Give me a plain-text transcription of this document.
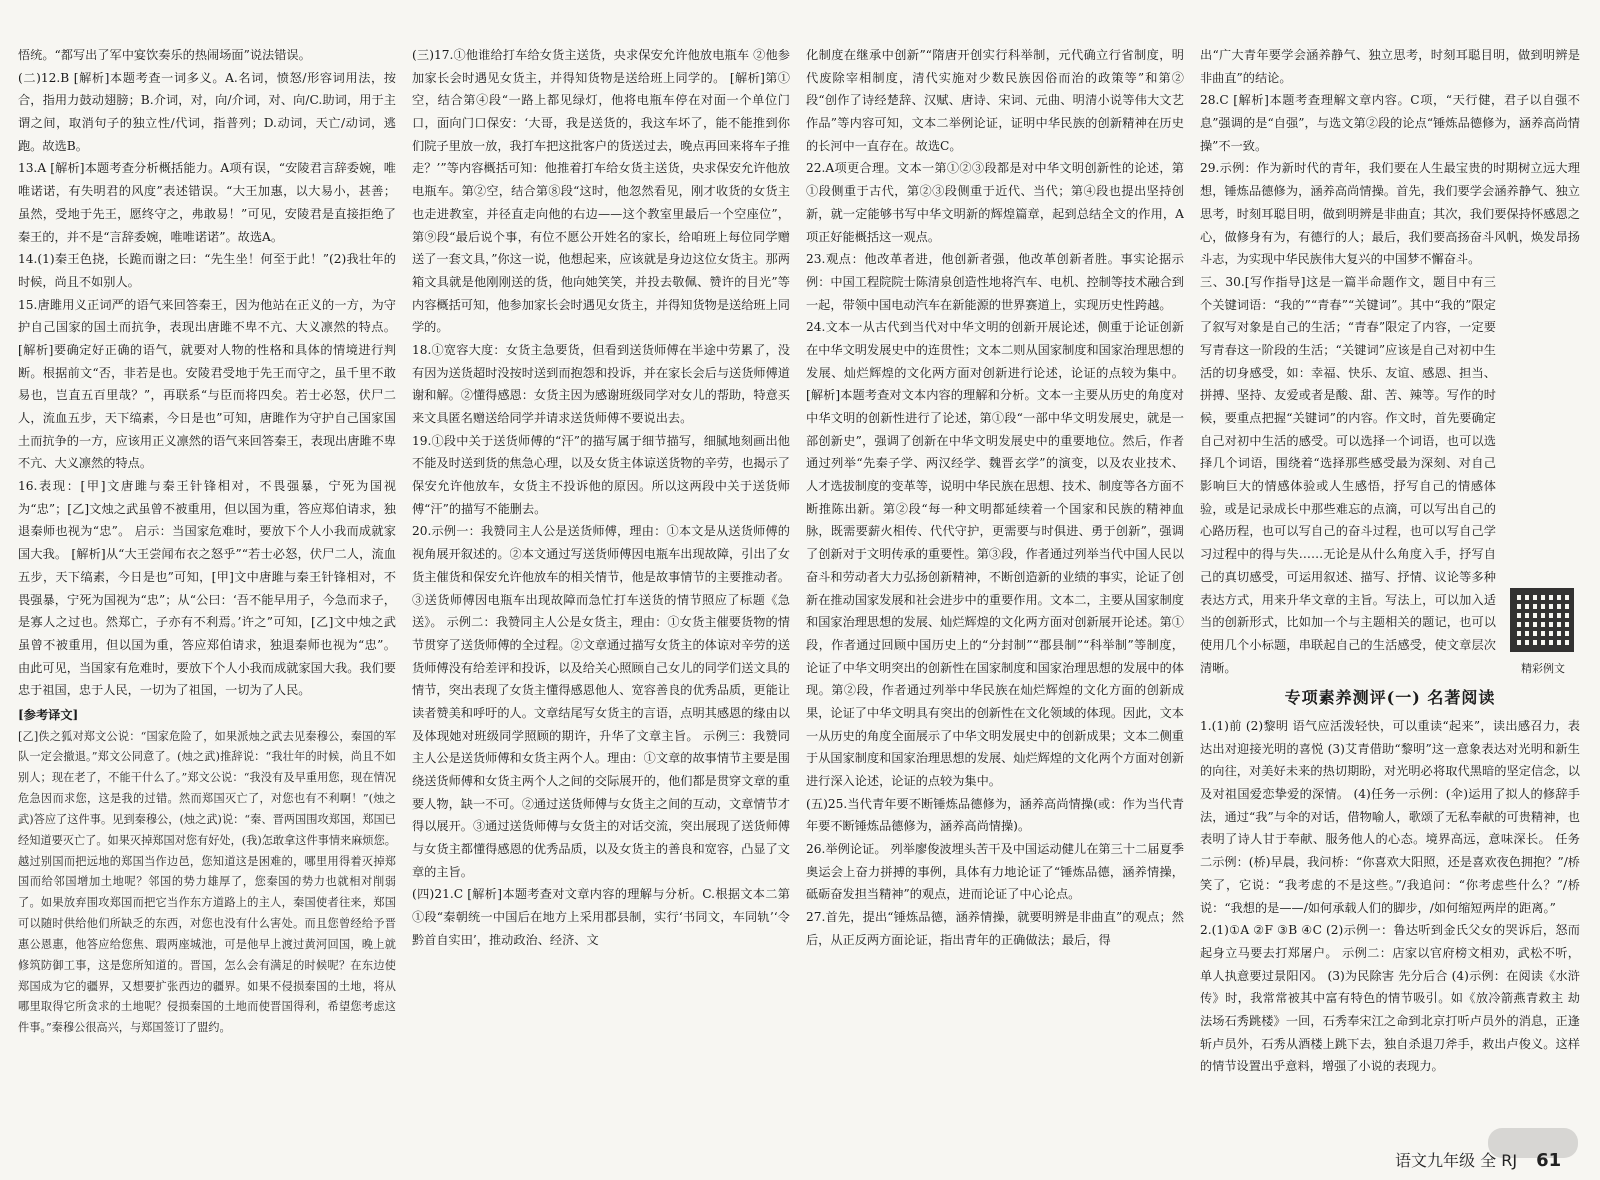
悟统。“都写出了军中宴饮奏乐的热闹场面”说法错误。

(二)12.B [解析]本题考查一词多义。A.名词，愤怒/形容词用法，按合，指用力鼓动翅膀；B.介词，对，向/介词，对、向/C.助词，用于主谓之间，取消句子的独立性/代词，指普列；D.动词，天亡/动词，逃跑。故选B。

13.A [解析]本题考查分析概括能力。A项有误，“安陵君言辞委婉，唯唯诺诺，有失明君的风度”表述错误。“大王加惠，以大易小，甚善；虽然，受地于先王，愿终守之，弗敢易！”可见，安陵君是直接拒绝了秦王的，并不是“言辞委婉，唯唯诺诺”。故选A。

14.(1)秦王色挠，长跪而谢之曰：“先生坐！何至于此！”(2)我壮年的时候，尚且不如别人。

15.唐雎用义正词严的语气来回答秦王，因为他站在正义的一方，为守护自己国家的国土而抗争，表现出唐雎不卑不亢、大义凛然的特点。 [解析]要确定好正确的语气，就要对人物的性格和具体的情境进行判断。根据前文“否，非若是也。安陵君受地于先王而守之，虽千里不敢易也，岂直五百里哉？”，再联系“与臣而将四矣。若士必怒，伏尸二人，流血五步，天下缟素，今日是也”可知，唐雎作为守护自己国家国土而抗争的一方，应该用正义凛然的语气来回答秦王，表现出唐雎不卑不亢、大义凛然的特点。

16.表现：[甲]文唐雎与秦王针锋相对，不畏强暴，宁死为国视为“忠”；[乙]文烛之武虽曾不被重用，但以国为重，答应郑伯请求，独退秦师也视为“忠”。 启示：当国家危难时，要放下个人小我而成就家国大我。 [解析]从“大王尝闻布衣之怒乎”“若士必怒，伏尸二人，流血五步，天下缟素，今日是也”可知，[甲]文中唐雎与秦王针锋相对，不畏强暴，宁死为国视为“忠”；从“公曰：‘吾不能早用子，今急而求子，是寡人之过也。然郑亡，子亦有不利焉。’许之”可知，[乙]文中烛之武虽曾不被重用，但以国为重，答应郑伯请求，独退秦师也视为“忠”。由此可见，当国家有危难时，要放下个人小我而成就家国大我。我们要忠于祖国，忠于人民，一切为了祖国，一切为了人民。

[参考译文]

[乙]佚之狐对郑文公说：“国家危险了，如果派烛之武去见秦穆公，秦国的军队一定会撤退。”郑文公同意了。(烛之武)推辞说：“我壮年的时候，尚且不如别人；现在老了，不能干什么了。”郑文公说：“我没有及早重用您，现在情况危急因而求您，这是我的过错。然而郑国灭亡了，对您也有不利啊！”(烛之武)答应了这件事。见到秦穆公，(烛之武)说：“秦、晋两国围攻郑国，郑国已经知道要灭亡了。如果灭掉郑国对您有好处，(我)怎敢拿这件事情来麻烦您。越过别国而把远地的郑国当作边邑，您知道这是困难的，哪里用得着灭掉郑国而给邻国增加土地呢？邻国的势力雄厚了，您秦国的势力也就相对削弱了。如果放弃围攻郑国而把它当作东方道路上的主人，秦国使者往来，郑国可以随时供给他们所缺乏的东西，对您也没有什么害处。而且您曾经给予晋惠公恩惠，他答应给您焦、瑕两座城池，可是他早上渡过黄河回国，晚上就修筑防御工事，这是您所知道的。晋国，怎么会有满足的时候呢？在东边使郑国成为它的疆界，又想要扩张西边的疆界。如果不侵损秦国的土地，将从哪里取得它所贪求的土地呢？侵损秦国的土地而使晋国得利，希望您考虑这件事。”秦穆公很高兴，与郑国签订了盟约。

(三)17.①他谁给打车给女货主送货，央求保安允许他放电瓶车 ②他参加家长会时遇见女货主，并得知货物是送给班上同学的。 [解析]第①空，结合第④段“一路上都见绿灯，他将电瓶车停在对面一个单位门口，面向门口保安：‘大哥，我是送货的，我这车坏了，能不能推到你们院子里放一放，我打车把这批客户的货送过去，晚点再回来将车子推走？’”等内容概括可知：他推着打车给女货主送货，央求保安允许他放电瓶车。第②空，结合第⑧段“这时，他忽然看见，刚才收货的女货主也走进教室，并径直走向他的右边——这个教室里最后一个空座位”，第⑨段“最后说个事，有位不愿公开姓名的家长，给咱班上每位同学赠送了一套文具，”你这一说，他想起来，应该就是身边这位女货主。那两箱文具就是他刚刚送的货，他向她笑笑，并投去敬佩、赞许的目光”等内容概括可知，他参加家长会时遇见女货主，并得知货物是送给班上同学的。

18.①宽容大度：女货主急要货，但看到送货师傅在半途中劳累了，没有因为送货超时没按时送到而抱怨和投诉，并在家长会后与送货师傅道谢和解。②懂得感恩：女货主因为感谢班级同学对女儿的帮助，特意买来文具匿名赠送给同学并请求送货师傅不要说出去。

19.①段中关于送货师傅的“汗”的描写属于细节描写，细腻地刻画出他不能及时送到货的焦急心理，以及女货主体谅送货物的辛劳，也揭示了保安允许他放车，女货主不投诉他的原因。所以这两段中关于送货师傅“汗”的描写不能删去。

20.示例一：我赞同主人公是送货师傅，理由：①本文是从送货师傅的视角展开叙述的。②本文通过写送货师傅因电瓶车出现故障，引出了女货主催货和保安允许他放车的相关情节，他是故事情节的主要推动者。③送货师傅因电瓶车出现故障而急忙打车送货的情节照应了标题《急送》。 示例二：我赞同主人公是女货主，理由：①女货主催要货物的情节贯穿了送货师傅的全过程。②文章通过描写女货主的体谅对辛劳的送货师傅没有给差评和投诉，以及给关心照顾自己女儿的同学们送文具的情节，突出表现了女货主懂得感恩他人、宽容善良的优秀品质，更能让读者赞美和呼吁的人。文章结尾写女货主的言语，点明其感恩的缘由以及体现她对班级同学照顾的期许，升华了文章主旨。 示例三：我赞同主人公是送货师傅和女货主两个人。理由：①文章的故事情节主要是围绕送货师傅和女货主两个人之间的交际展开的，他们都是贯穿文章的重要人物，缺一不可。②通过送货师傅与女货主之间的互动，文章情节才得以展开。③通过送货师傅与女货主的对话交流，突出展现了送货师傅与女货主都懂得感恩的优秀品质，以及女货主的善良和宽容，凸显了文章的主旨。

(四)21.C [解析]本题考查对文章内容的理解与分析。C.根据文本二第①段“秦朝统一中国后在地方上采用郡县制，实行‘书同文，车同轨’‘令黔首自实田’，推动政治、经济、文

化制度在继承中创新”“隋唐开创实行科举制，元代确立行省制度，明代废除宰相制度，清代实施对少数民族因俗而治的政策等”和第②段“创作了诗经楚辞、汉赋、唐诗、宋词、元曲、明清小说等伟大文艺作品”等内容可知，文本二举例论证，证明中华民族的创新精神在历史的长河中一直存在。故选C。

22.A项更合理。文本一第①②③段都是对中华文明创新性的论述，第①段侧重于古代，第②③段侧重于近代、当代；第④段也提出坚持创新，就一定能够书写中华文明新的辉煌篇章，起到总结全文的作用，A项正好能概括这一观点。

23.观点：他改革者进，他创新者强，他改革创新者胜。事实论据示例：中国工程院院士陈清泉创造性地将汽车、电机、控制等技术融合到一起，带领中国电动汽车在新能源的世界赛道上，实现历史性跨越。

24.文本一从古代到当代对中华文明的创新开展论述，侧重于论证创新在中华文明发展史中的连贯性；文本二则从国家制度和国家治理思想的发展、灿烂辉煌的文化两方面对创新进行论述，论证的点较为集中。 [解析]本题考查对文本内容的理解和分析。文本一主要从历史的角度对中华文明的创新性进行了论述，第①段“一部中华文明发展史，就是一部创新史”，强调了创新在中华文明发展史中的重要地位。然后，作者通过列举“先秦子学、两汉经学、魏晋玄学”的演变，以及农业技术、人才选拔制度的变革等，说明中华民族在思想、技术、制度等各方面不断推陈出新。第②段“每一种文明都延续着一个国家和民族的精神血脉，既需要薪火相传、代代守护，更需要与时俱进、勇于创新”，强调了创新对于文明传承的重要性。第③段，作者通过列举当代中国人民以奋斗和劳动者大力弘扬创新精神，不断创造新的业绩的事实，论证了创新在推动国家发展和社会进步中的重要作用。文本二，主要从国家制度和国家治理思想的发展、灿烂辉煌的文化两方面对创新展开论述。第①段，作者通过回顾中国历史上的“分封制”“郡县制”“科举制”等制度，论证了中华文明突出的创新性在国家制度和国家治理思想的发展中的体现。第②段，作者通过列举中华民族在灿烂辉煌的文化方面的创新成果，论证了中华文明具有突出的创新性在文化领域的体现。因此，文本一从历史的角度全面展示了中华文明发展史中的创新成果；文本二侧重于从国家制度和国家治理思想的发展、灿烂辉煌的文化两个方面对创新进行深入论述，论证的点较为集中。

(五)25.当代青年要不断锤炼品德修为，涵养高尚情操(或：作为当代青年要不断锤炼品德修为，涵养高尚情操)。

26.举例论证。 列举廖俊波埋头苦干及中国运动健儿在第三十二届夏季奥运会上奋力拼搏的事例，具体有力地论证了“锤炼品德，涵养情操，砥砺奋发担当精神”的观点，进而论证了中心论点。

27.首先，提出“锤炼品德，涵养情操，就要明辨是非曲直”的观点；然后，从正反两方面论证，指出青年的正确做法；最后，得

出“广大青年要学会涵养静气、独立思考，时刻耳聪目明，做到明辨是非曲直”的结论。

28.C [解析]本题考查理解文章内容。C项，“天行健，君子以自强不息”强调的是“自强”，与选文第②段的论点“锤炼品德修为，涵养高尚情操”不一致。

29.示例：作为新时代的青年，我们要在人生最宝贵的时期树立远大理想，锤炼品德修为，涵养高尚情操。首先，我们要学会涵养静气、独立思考，时刻耳聪目明，做到明辨是非曲直；其次，我们要保持怀感恩之心，做修身有为，有德行的人；最后，我们要高扬奋斗风帆，焕发昂扬斗志，为实现中华民族伟大复兴的中国梦不懈奋斗。

三、30.[写作指导]这是一篇半命题作文，题目中有三个关键词语：“我的”“青春”“关键词”。其中“我的”限定了叙写对象是自己的生活；“青春”限定了内容，一定要写青春这一阶段的生活；“关键词”应该是自己对初中生活的切身感受，如：幸福、快乐、友谊、感恩、担当、拼搏、坚持、友爱或者是酸、甜、苦、辣等。写作的时候，要重点把握“关键词”的内容。作文时，首先要确定自己对初中生活的感受。可以选择一个词语，也可以选择几个词语，围绕着“选择那些感受最为深刻、对自己影响巨大的情感体验或人生感悟，抒写自己的情感体验，或是记录成长中那些难忘的点滴，可以写出自己的心路历程，也可以写自己的奋斗过程，也可以写自己学习过程中的得与失……无论是从什么角度入手，抒写自己的真切感受，可运用叙述、描写、抒情、议论等多种表达方式，用来升华文章的主旨。写法上，可以加入适当的创新形式，比如加一个与主题相关的题记，也可以使用几个小标题，串联起自己的生活感受，使文章层次清晰。

专项素养测评(一) 名著阅读

1.(1)前 (2)黎明 语气应活泼轻快，可以重读“起来”，读出感召力，表达出对迎接光明的喜悦 (3)艾青借助“黎明”这一意象表达对光明和新生的向往，对美好未来的热切期盼，对光明必将取代黑暗的坚定信念，以及对祖国爱恋挚爱的深情。 (4)任务一示例：(伞)运用了拟人的修辞手法，通过“我”与伞的对话，借物喻人，歌颂了无私奉献的可贵精神，也表明了诗人甘于奉献、服务他人的心态。境界高远，意味深长。 任务二示例：(桥)早晨，我问桥：“你喜欢大阳照，还是喜欢夜色拥抱？”/桥笑了，它说：“我考虑的不是这些。”/我追问：“你考虑些什么？”/桥说：“我想的是——/如何承载人们的脚步，/如何缩短两岸的距离。”

2.(1)①A ②F ③B ④C (2)示例一：鲁达听到金氏父女的哭诉后，怒而起身立马要去打郑屠户。 示例二：店家以官府榜文相劝，武松不听，单人执意要过景阳冈。 (3)为民除害 先分后合 (4)示例：在阅读《水浒传》时，我常常被其中富有特色的情节吸引。如《放冷箭燕青救主 劫法场石秀跳楼》一回，石秀奉宋江之命到北京打听卢员外的消息，正逢斩卢员外，石秀从酒楼上跳下去，独自杀退刀斧手，救出卢俊义。这样的情节设置出乎意料，增强了小说的表现力。

精彩例文
语文九年级 全 RJ 61
